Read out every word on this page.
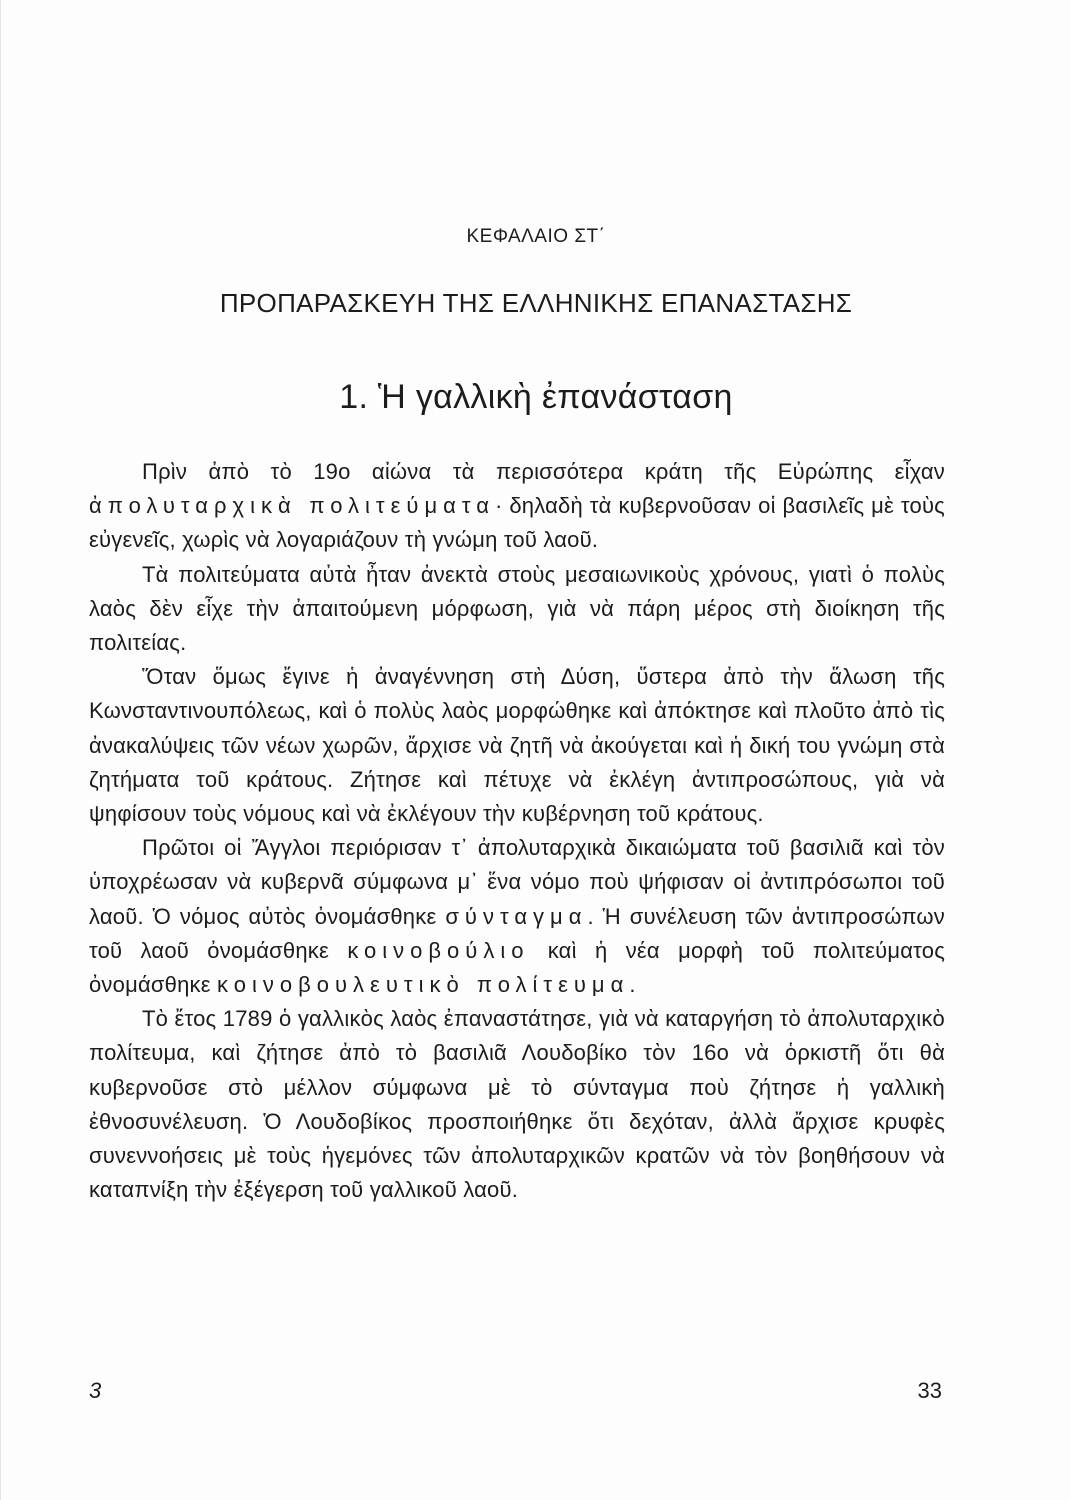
ΚΕΦΑΛΑΙΟ ΣΤ΄
ΠΡΟΠΑΡΑΣΚΕΥΗ ΤΗΣ ΕΛΛΗΝΙΚΗΣ ΕΠΑΝΑΣΤΑΣΗΣ
1. Ἡ γαλλικὴ ἐπανάσταση

Πρὶν ἀπὸ τὸ 19ο αἰώνα τὰ περισσότερα κράτη τῆς Εὐρώπης εἶχαν ἀπολυταρχικὰ πολιτεύματα· δηλαδὴ τὰ κυβερνοῦσαν οἱ βασιλεῖς μὲ τοὺς εὐγενεῖς, χωρὶς νὰ λογαριάζουν τὴ γνώμη τοῦ λαοῦ.

Τὰ πολιτεύματα αὐτὰ ἦταν ἀνεκτὰ στοὺς μεσαιωνικοὺς χρόνους, γιατὶ ὁ πολὺς λαὸς δὲν εἶχε τὴν ἀπαιτούμενη μόρφωση, γιὰ νὰ πάρη μέρος στὴ διοίκηση τῆς πολιτείας.

Ὅταν ὅμως ἔγινε ἡ ἀναγέννηση στὴ Δύση, ὕστερα ἀπὸ τὴν ἅλωση τῆς Κωνσταντινουπόλεως, καὶ ὁ πολὺς λαὸς μορφώθηκε καὶ ἀπόκτησε καὶ πλοῦτο ἀπὸ τὶς ἀνακαλύψεις τῶν νέων χωρῶν, ἄρχισε νὰ ζητῆ νὰ ἀκούγεται καὶ ἡ δική του γνώμη στὰ ζητήματα τοῦ κράτους. Ζήτησε καὶ πέτυχε νὰ ἐκλέγη ἀντιπροσώπους, γιὰ νὰ ψηφίσουν τοὺς νόμους καὶ νὰ ἐκλέγουν τὴν κυβέρνηση τοῦ κράτους.

Πρῶτοι οἱ Ἄγγλοι περιόρισαν τ᾽ ἀπολυταρχικὰ δικαιώματα τοῦ βασιλιᾶ καὶ τὸν ὑποχρέωσαν νὰ κυβερνᾶ σύμφωνα μ᾽ ἕνα νόμο ποὺ ψήφισαν οἱ ἀντιπρόσωποι τοῦ λαοῦ. Ὁ νόμος αὐτὸς ὀνομάσθηκε σύνταγμα. Ἡ συνέλευση τῶν ἀντιπροσώπων τοῦ λαοῦ ὀνομάσθηκε κοινοβούλιο καὶ ἡ νέα μορφὴ τοῦ πολιτεύματος ὀνομάσθηκε κοινοβουλευτικὸ πολίτευμα.

Τὸ ἔτος 1789 ὁ γαλλικὸς λαὸς ἐπαναστάτησε, γιὰ νὰ καταργήση τὸ ἀπολυταρχικὸ πολίτευμα, καὶ ζήτησε ἀπὸ τὸ βασιλιᾶ Λουδοβίκο τὸν 16ο νὰ ὁρκιστῆ ὅτι θὰ κυβερνοῦσε στὸ μέλλον σύμφωνα μὲ τὸ σύνταγμα ποὺ ζήτησε ἡ γαλλικὴ ἐθνοσυνέλευση. Ὁ Λουδοβίκος προσποιήθηκε ὅτι δεχόταν, ἀλλὰ ἄρχισε κρυφὲς συνεννοήσεις μὲ τοὺς ἡγεμόνες τῶν ἀπολυταρχικῶν κρατῶν νὰ τὸν βοηθήσουν νὰ καταπνίξη τὴν ἐξέγερση τοῦ γαλλικοῦ λαοῦ.

3	33
